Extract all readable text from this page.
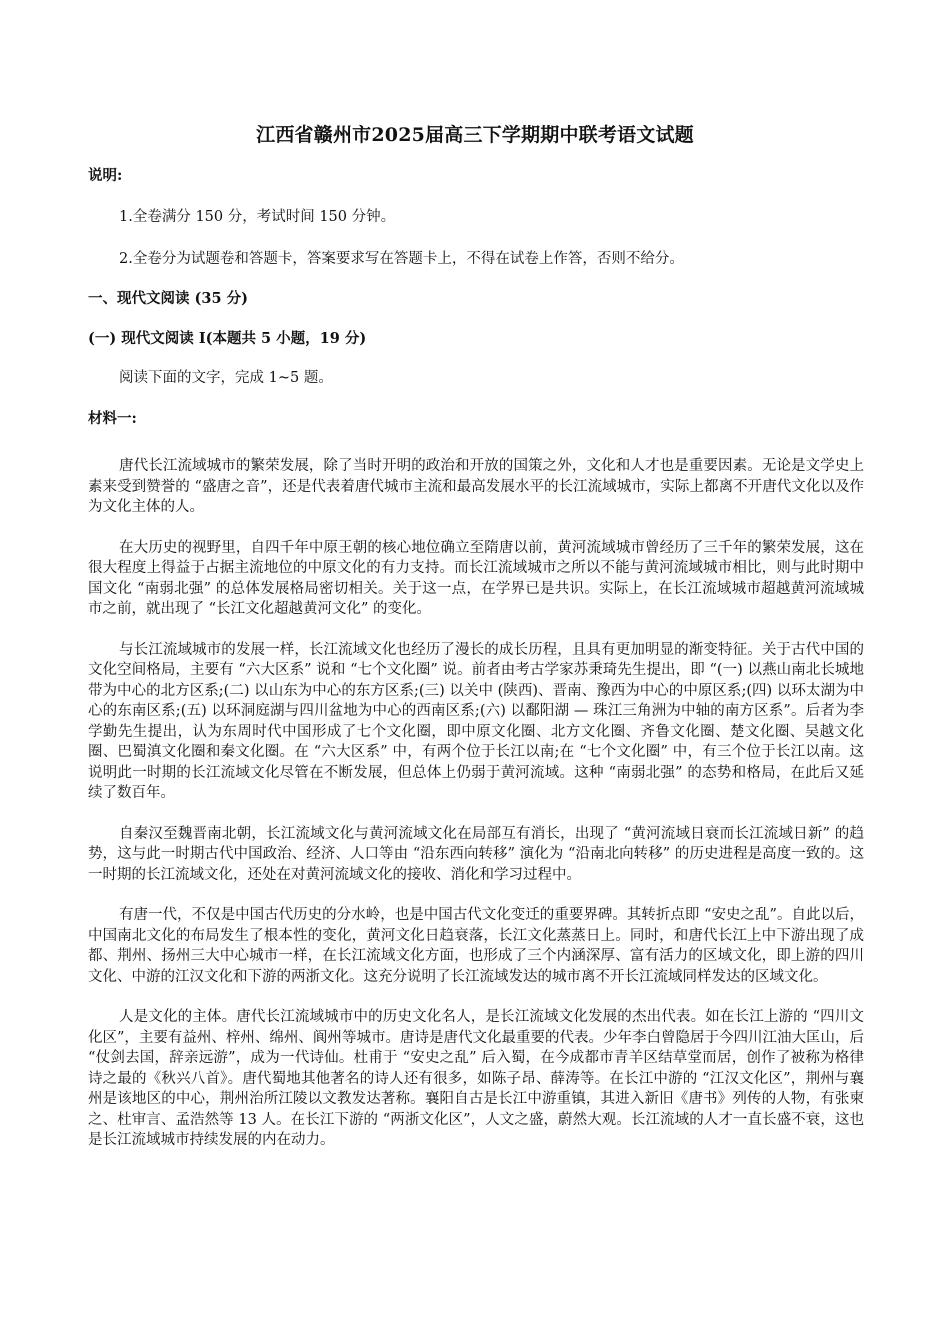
江西省赣州市2025届高三下学期期中联考语文试题

说明:

1.全卷满分 150 分，考试时间 150 分钟。

2.全卷分为试题卷和答题卡，答案要求写在答题卡上，不得在试卷上作答，否则不给分。

一、现代文阅读 (35 分)

(一) 现代文阅读 Ⅰ(本题共 5 小题，19 分)

阅读下面的文字，完成 1~5 题。

材料一:

唐代长江流域城市的繁荣发展，除了当时开明的政治和开放的国策之外，文化和人才也是重要因素。无论是文学史上素来受到赞誉的 “盛唐之音”，还是代表着唐代城市主流和最高发展水平的长江流域城市，实际上都离不开唐代文化以及作为文化主体的人。

在大历史的视野里，自四千年中原王朝的核心地位确立至隋唐以前，黄河流域城市曾经历了三千年的繁荣发展，这在很大程度上得益于占据主流地位的中原文化的有力支持。而长江流域城市之所以不能与黄河流域城市相比，则与此时期中国文化 “南弱北强” 的总体发展格局密切相关。关于这一点，在学界已是共识。实际上，在长江流域城市超越黄河流域城市之前，就出现了 “长江文化超越黄河文化” 的变化。

与长江流域城市的发展一样，长江流域文化也经历了漫长的成长历程，且具有更加明显的渐变特征。关于古代中国的文化空间格局，主要有 “六大区系” 说和 “七个文化圈” 说。前者由考古学家苏秉琦先生提出，即 “(一) 以燕山南北长城地带为中心的北方区系;(二) 以山东为中心的东方区系;(三) 以关中 (陕西)、晋南、豫西为中心的中原区系;(四) 以环太湖为中心的东南区系;(五) 以环洞庭湖与四川盆地为中心的西南区系;(六) 以鄱阳湖 — 珠江三角洲为中轴的南方区系”。后者为李学勤先生提出，认为东周时代中国形成了七个文化圈，即中原文化圈、北方文化圈、齐鲁文化圈、楚文化圈、吴越文化圈、巴蜀滇文化圈和秦文化圈。在 “六大区系” 中，有两个位于长江以南;在 “七个文化圈” 中，有三个位于长江以南。这说明此一时期的长江流域文化尽管在不断发展，但总体上仍弱于黄河流域。这种 “南弱北强” 的态势和格局，在此后又延续了数百年。

自秦汉至魏晋南北朝，长江流域文化与黄河流域文化在局部互有消长，出现了 “黄河流域日衰而长江流域日新” 的趋势，这与此一时期古代中国政治、经济、人口等由 “沿东西向转移” 演化为 “沿南北向转移” 的历史进程是高度一致的。这一时期的长江流域文化，还处在对黄河流域文化的接收、消化和学习过程中。

有唐一代，不仅是中国古代历史的分水岭，也是中国古代文化变迁的重要界碑。其转折点即 “安史之乱”。自此以后，中国南北文化的布局发生了根本性的变化，黄河文化日趋衰落，长江文化蒸蒸日上。同时，和唐代长江上中下游出现了成都、荆州、扬州三大中心城市一样，在长江流域文化方面，也形成了三个内涵深厚、富有活力的区域文化，即上游的四川文化、中游的江汉文化和下游的两浙文化。这充分说明了长江流域发达的城市离不开长江流域同样发达的区域文化。

人是文化的主体。唐代长江流域城市中的历史文化名人，是长江流域文化发展的杰出代表。如在长江上游的 “四川文化区”，主要有益州、梓州、绵州、阆州等城市。唐诗是唐代文化最重要的代表。少年李白曾隐居于今四川江油大匡山，后 “仗剑去国，辞亲远游”，成为一代诗仙。杜甫于 “安史之乱” 后入蜀，在今成都市青羊区结草堂而居，创作了被称为格律诗之最的《秋兴八首》。唐代蜀地其他著名的诗人还有很多，如陈子昂、薛涛等。在长江中游的 “江汉文化区”，荆州与襄州是该地区的中心，荆州治所江陵以文教发达著称。襄阳自古是长江中游重镇，其进入新旧《唐书》列传的人物，有张柬之、杜审言、孟浩然等 13 人。在长江下游的 “两浙文化区”，人文之盛，蔚然大观。长江流域的人才一直长盛不衰，这也是长江流域城市持续发展的内在动力。
